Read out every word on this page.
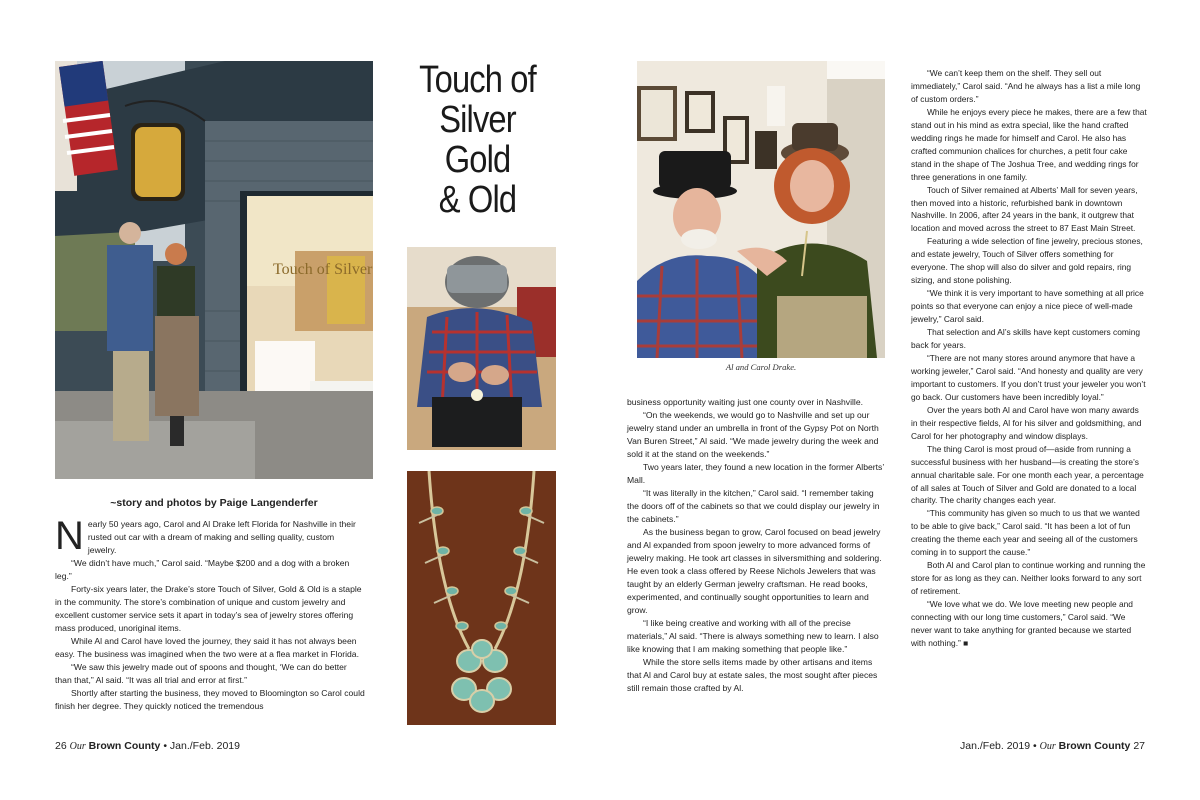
Touch of Silver
Touch of
Silver
Gold
& Old
Al and Carol Drake.
~story and photos by Paige Langenderfer

Nearly 50 years ago, Carol and Al Drake left Florida for Nashville in their rusted out car with a dream of making and selling quality, custom jewelry.

“We didn’t have much,” Carol said. “Maybe $200 and a dog with a broken leg.”

Forty-six years later, the Drake’s store Touch of Silver, Gold & Old is a staple in the community. The store’s combination of unique and custom jewelry and excellent customer service sets it apart in today’s sea of jewelry stores offering mass produced, unoriginal items.

While Al and Carol have loved the journey, they said it has not always been easy. The business was imagined when the two were at a flea market in Florida.

“We saw this jewelry made out of spoons and thought, ‘We can do better than that,” Al said. “It was all trial and error at first.”

Shortly after starting the business, they moved to Bloomington so Carol could finish her degree. They quickly noticed the tremendous

business opportunity waiting just one county over in Nashville.

“On the weekends, we would go to Nashville and set up our jewelry stand under an umbrella in front of the Gypsy Pot on North Van Buren Street,” Al said. “We made jewelry during the week and sold it at the stand on the weekends.”

Two years later, they found a new location in the former Alberts’ Mall.

“It was literally in the kitchen,” Carol said. “I remember taking the doors off of the cabinets so that we could display our jewelry in the cabinets.”

As the business began to grow, Carol focused on bead jewelry and Al expanded from spoon jewelry to more advanced forms of jewelry making. He took art classes in silversmithing and soldering. He even took a class offered by Reese Nichols Jewelers that was taught by an elderly German jewelry craftsman. He read books, experimented, and continually sought opportunities to learn and grow.

“I like being creative and working with all of the precise materials,” Al said. “There is always something new to learn. I also like knowing that I am making something that people like.”

While the store sells items made by other artisans and items that Al and Carol buy at estate sales, the most sought after pieces still remain those crafted by Al.

“We can’t keep them on the shelf. They sell out immediately,” Carol said. “And he always has a list a mile long of custom orders.”

While he enjoys every piece he makes, there are a few that stand out in his mind as extra special, like the hand crafted wedding rings he made for himself and Carol. He also has crafted communion chalices for churches, a petit four cake stand in the shape of The Joshua Tree, and wedding rings for three generations in one family.

Touch of Silver remained at Alberts’ Mall for seven years, then moved into a historic, refurbished bank in downtown Nashville. In 2006, after 24 years in the bank, it outgrew that location and moved across the street to 87 East Main Street.

Featuring a wide selection of fine jewelry, precious stones, and estate jewelry, Touch of Silver offers something for everyone. The shop will also do silver and gold repairs, ring sizing, and stone polishing.

“We think it is very important to have something at all price points so that everyone can enjoy a nice piece of well-made jewelry,” Carol said.

That selection and Al’s skills have kept customers coming back for years.

“There are not many stores around anymore that have a working jeweler,” Carol said. “And honesty and quality are very important to customers. If you don’t trust your jeweler you won’t go back. Our customers have been incredibly loyal.”

Over the years both Al and Carol have won many awards in their respective fields, Al for his silver and goldsmithing, and Carol for her photography and window displays.

The thing Carol is most proud of—aside from running a successful business with her husband—is creating the store’s annual charitable sale. For one month each year, a percentage of all sales at Touch of Silver and Gold are donated to a local charity. The charity changes each year.

“This community has given so much to us that we wanted to be able to give back,” Carol said. “It has been a lot of fun creating the theme each year and seeing all of the customers coming in to support the cause.”

Both Al and Carol plan to continue working and running the store for as long as they can. Neither looks forward to any sort of retirement.

“We love what we do. We love meeting new people and connecting with our long time customers,” Carol said. “We never want to take anything for granted because we started with nothing.” ■

26 Our Brown County • Jan./Feb. 2019	Jan./Feb. 2019 • Our Brown County 27
